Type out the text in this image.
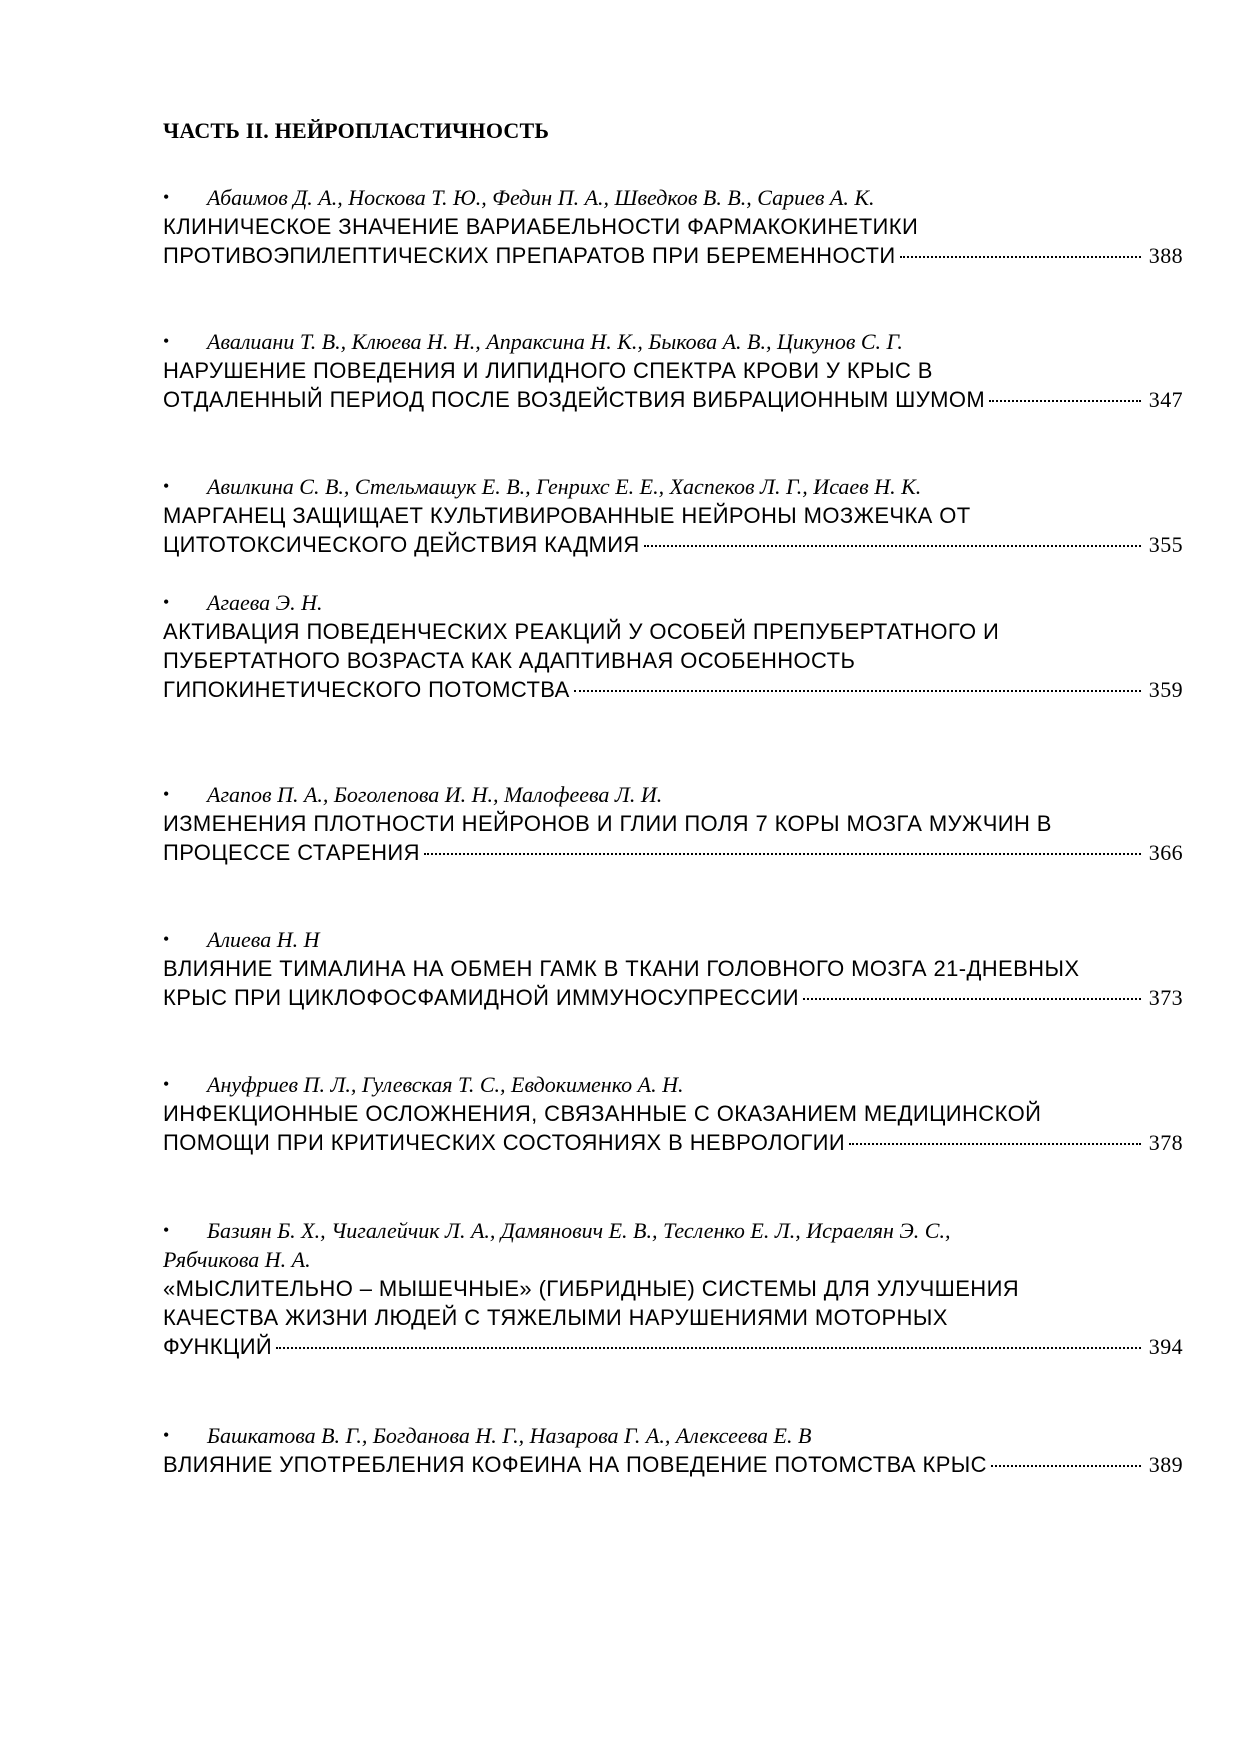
ЧАСТЬ II. НЕЙРОПЛАСТИЧНОСТЬ
• Абаимов Д. А., Носкова Т. Ю., Федин П. А., Шведков В. В., Сариев А. К.
КЛИНИЧЕСКОЕ ЗНАЧЕНИЕ ВАРИАБЕЛЬНОСТИ ФАРМАКОКИНЕТИКИ
ПРОТИВОЭПИЛЕПТИЧЕСКИХ ПРЕПАРАТОВ ПРИ БЕРЕМЕННОСТИ	388
• Авалиани Т. В., Клюева Н. Н., Апраксина Н. К., Быкова А. В., Цикунов С. Г.
НАРУШЕНИЕ ПОВЕДЕНИЯ И ЛИПИДНОГО СПЕКТРА КРОВИ У КРЫС В
ОТДАЛЕННЫЙ ПЕРИОД ПОСЛЕ ВОЗДЕЙСТВИЯ ВИБРАЦИОННЫМ ШУМОМ	347
• Авилкина С. В., Стельмашук Е. В., Генрихс Е. Е., Хаспеков Л. Г., Исаев Н. К.
МАРГАНЕЦ ЗАЩИЩАЕТ КУЛЬТИВИРОВАННЫЕ НЕЙРОНЫ МОЗЖЕЧКА ОТ
ЦИТОТОКСИЧЕСКОГО ДЕЙСТВИЯ КАДМИЯ	355
• Агаева Э. Н.
АКТИВАЦИЯ ПОВЕДЕНЧЕСКИХ РЕАКЦИЙ У ОСОБЕЙ ПРЕПУБЕРТАТНОГО И
ПУБЕРТАТНОГО ВОЗРАСТА КАК АДАПТИВНАЯ ОСОБЕННОСТЬ
ГИПОКИНЕТИЧЕСКОГО ПОТОМСТВА	359
• Агапов П. А., Боголепова И. Н., Малофеева Л. И.
ИЗМЕНЕНИЯ ПЛОТНОСТИ НЕЙРОНОВ И ГЛИИ ПОЛЯ 7 КОРЫ МОЗГА МУЖЧИН В
ПРОЦЕССЕ СТАРЕНИЯ	366
• Алиева Н. Н
ВЛИЯНИЕ ТИМАЛИНА НА ОБМЕН ГАМК В ТКАНИ ГОЛОВНОГО МОЗГА 21-ДНЕВНЫХ
КРЫС ПРИ ЦИКЛОФОСФАМИДНОЙ ИММУНОСУПРЕССИИ	373
• Ануфриев П. Л., Гулевская Т. С., Евдокименко А. Н.
ИНФЕКЦИОННЫЕ ОСЛОЖНЕНИЯ, СВЯЗАННЫЕ С ОКАЗАНИЕМ МЕДИЦИНСКОЙ
ПОМОЩИ ПРИ КРИТИЧЕСКИХ СОСТОЯНИЯХ В НЕВРОЛОГИИ	378
• Базиян Б. Х., Чигалейчик Л. А., Дамянович Е. В., Тесленко Е. Л., Исраелян Э. С.,
Рябчикова Н. А.
«МЫСЛИТЕЛЬНО – МЫШЕЧНЫЕ» (ГИБРИДНЫЕ) СИСТЕМЫ ДЛЯ УЛУЧШЕНИЯ
КАЧЕСТВА ЖИЗНИ ЛЮДЕЙ С ТЯЖЕЛЫМИ НАРУШЕНИЯМИ МОТОРНЫХ
ФУНКЦИЙ	394
• Башкатова В. Г., Богданова Н. Г., Назарова Г. А., Алексеева Е. В
ВЛИЯНИЕ УПОТРЕБЛЕНИЯ КОФЕИНА НА ПОВЕДЕНИЕ ПОТОМСТВА КРЫС	389
